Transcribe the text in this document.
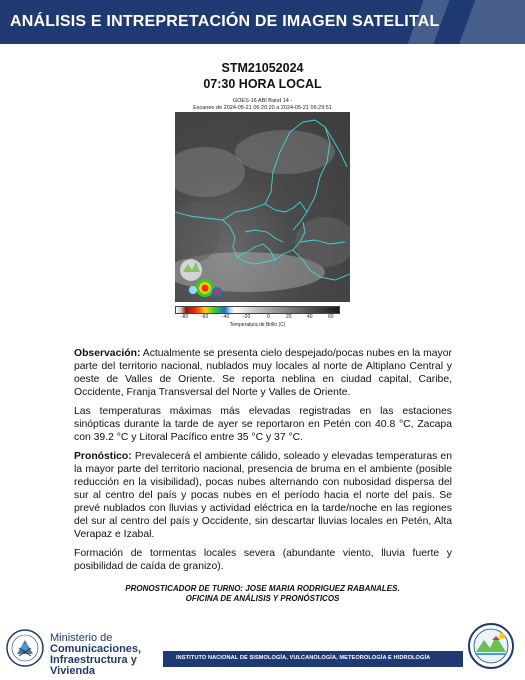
ANÁLISIS E INTREPRETACIÓN DE IMAGEN SATELITAL
STM21052024
07:30 HORA LOCAL
GOES-16 ABI Band 14 -
Escaneo de 2024-05-21 06:20:20 a 2024-05-21 06:29:51
-80	-60	-40	-20	0	20	40	60
Temperatura de Brillo (C)
Observación: Actualmente se presenta cielo despejado/pocas nubes en la mayor parte del territorio nacional, nublados muy locales al norte de Altiplano Central y oeste de Valles de Oriente. Se reporta neblina en ciudad capital, Caribe, Occidente, Franja Transversal del Norte y Valles de Oriente.
Las temperaturas máximas más elevadas registradas en las estaciones sinópticas durante la tarde de ayer se reportaron en Petén con 40.8 °C, Zacapa con 39.2 °C y Litoral Pacífico entre 35 °C y 37 °C.
Pronóstico: Prevalecerá el ambiente cálido, soleado y elevadas temperaturas en la mayor parte del territorio nacional, presencia de bruma en el ambiente (posible reducción en la visibilidad), pocas nubes alternando con nubosidad dispersa del sur al centro del país y pocas nubes en el período hacia el norte del país. Se prevé nublados con lluvias y actividad eléctrica en la tarde/noche en las regiones del sur al centro del país y Occidente, sin descartar lluvias locales en Petén, Alta Verapaz e Izabal.
Formación de tormentas locales severa (abundante viento, lluvia fuerte y posibilidad de caída de granizo).
PRONOSTICADOR DE TURNO: JOSE MARIA RODRIGUEZ RABANALES.
OFICINA DE ANÁLISIS Y PRONÓSTICOS
Ministerio de
Comunicaciones,
Infraestructura y
Vivienda
INSTITUTO NACIONAL DE SISMOLOGÍA, VULCANOLOGÍA, METEOROLOGÍA E HIDROLOGÍA
